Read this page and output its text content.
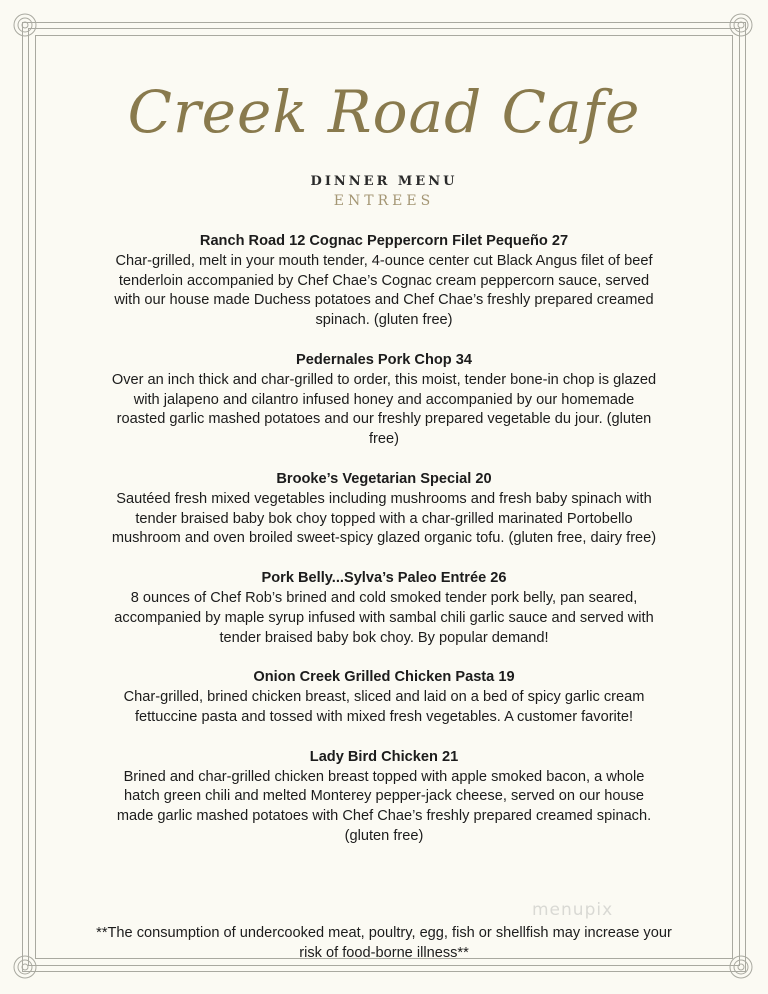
Creek Road Cafe
DINNER MENU
ENTREES
Ranch Road 12 Cognac Peppercorn Filet Pequeño 27
Char-grilled, melt in your mouth tender, 4-ounce center cut Black Angus filet of beef tenderloin accompanied by Chef Chae’s Cognac cream peppercorn sauce, served with our house made Duchess potatoes and Chef Chae’s freshly prepared creamed spinach. (gluten free)
Pedernales Pork Chop 34
Over an inch thick and char-grilled to order, this moist, tender bone-in chop is glazed with jalapeno and cilantro infused honey and accompanied by our homemade roasted garlic mashed potatoes and our freshly prepared vegetable du jour. (gluten free)
Brooke’s Vegetarian Special 20
Sautéed fresh mixed vegetables including mushrooms and fresh baby spinach with tender braised baby bok choy topped with a char-grilled marinated Portobello mushroom and oven broiled sweet-spicy glazed organic tofu. (gluten free, dairy free)
Pork Belly...Sylva’s Paleo Entrée 26
8 ounces of Chef Rob’s brined and cold smoked tender pork belly, pan seared, accompanied by maple syrup infused with sambal chili garlic sauce and served with tender braised baby bok choy. By popular demand!
Onion Creek Grilled Chicken Pasta 19
Char-grilled, brined chicken breast, sliced and laid on a bed of spicy garlic cream fettuccine pasta and tossed with mixed fresh vegetables. A customer favorite!
Lady Bird Chicken 21
Brined and char-grilled chicken breast topped with apple smoked bacon, a whole hatch green chili and melted Monterey pepper-jack cheese, served on our house made garlic mashed potatoes with Chef Chae’s freshly prepared creamed spinach. (gluten free)
menupix
**The consumption of undercooked meat, poultry, egg, fish or shellfish may increase your risk of food-borne illness**
